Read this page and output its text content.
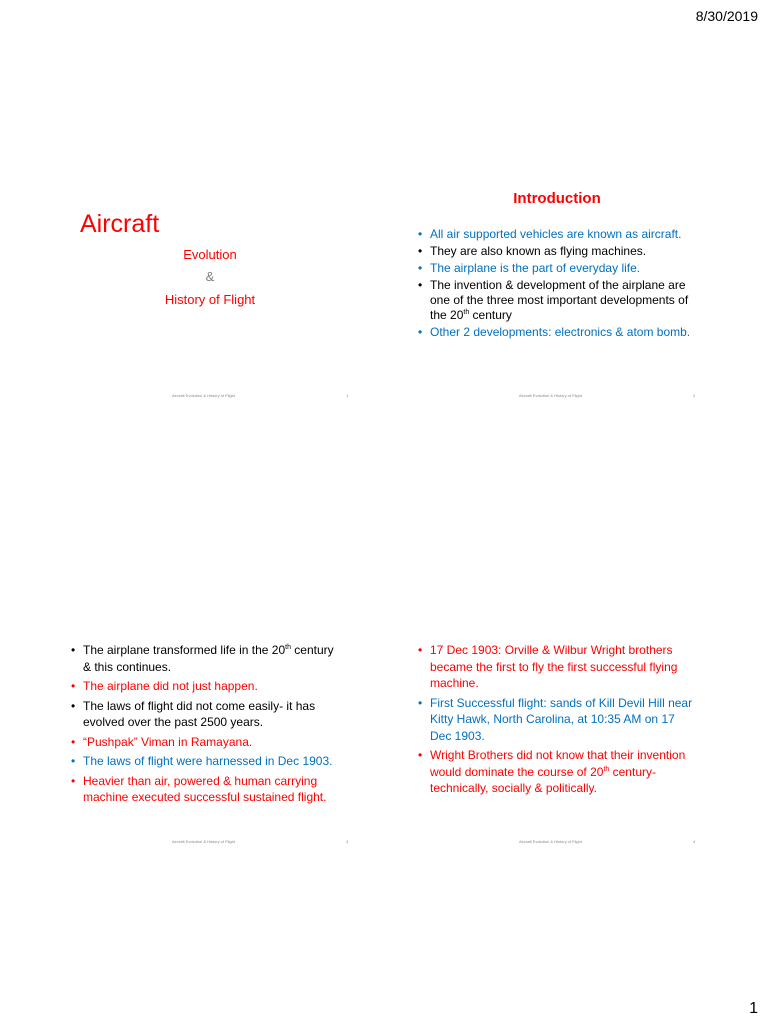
8/30/2019
1
Aircraft
Evolution
&
History of Flight
Aircraft Evolution & History of Flight	1
Introduction
• All air supported vehicles are known as aircraft.
• They are also known as flying machines.
• The airplane is the part of everyday life.
• The invention & development of the airplane are one of the three most important developments of the 20th century
• Other 2 developments: electronics & atom bomb.
Aircraft Evolution & History of Flight	2
• The airplane transformed life in the 20th century & this continues.
• The airplane did not just happen.
• The laws of flight did not come easily- it has evolved over the past 2500 years.
• “Pushpak” Viman in Ramayana.
• The laws of flight were harnessed in Dec 1903.
• Heavier than air, powered & human carrying machine executed successful sustained flight.
Aircraft Evolution & History of Flight	3
• 17 Dec 1903: Orville & Wilbur Wright brothers became the first to fly the first successful flying machine.
• First Successful flight: sands of Kill Devil Hill near Kitty Hawk, North Carolina, at 10:35 AM on 17 Dec 1903.
• Wright Brothers did not know that their invention would dominate the course of 20th century- technically, socially & politically.
Aircraft Evolution & History of Flight	4
